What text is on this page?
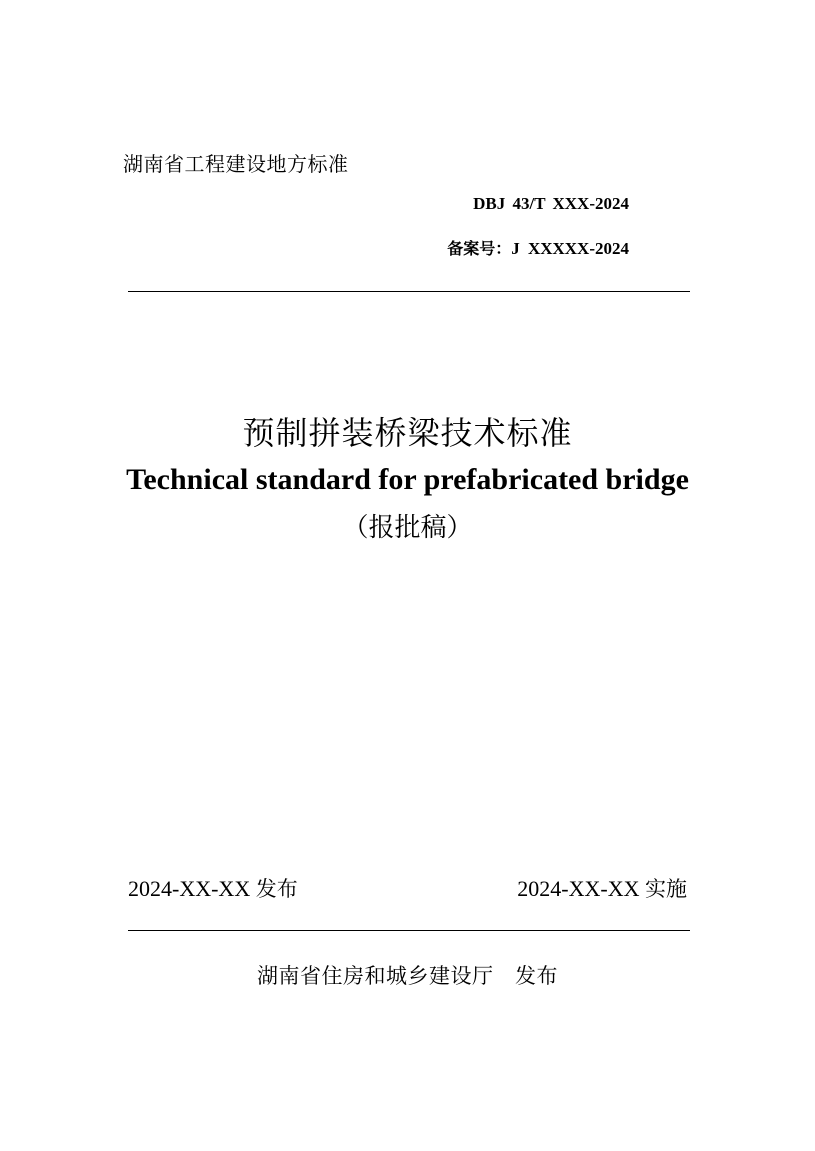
湖南省工程建设地方标准
DBJ 43/T XXX-2024
备案号：J XXXXX-2024
预制拼装桥梁技术标准
Technical standard for prefabricated bridge
（报批稿）
2024-XX-XX 发布	2024-XX-XX 实施
湖南省住房和城乡建设厅   发布
